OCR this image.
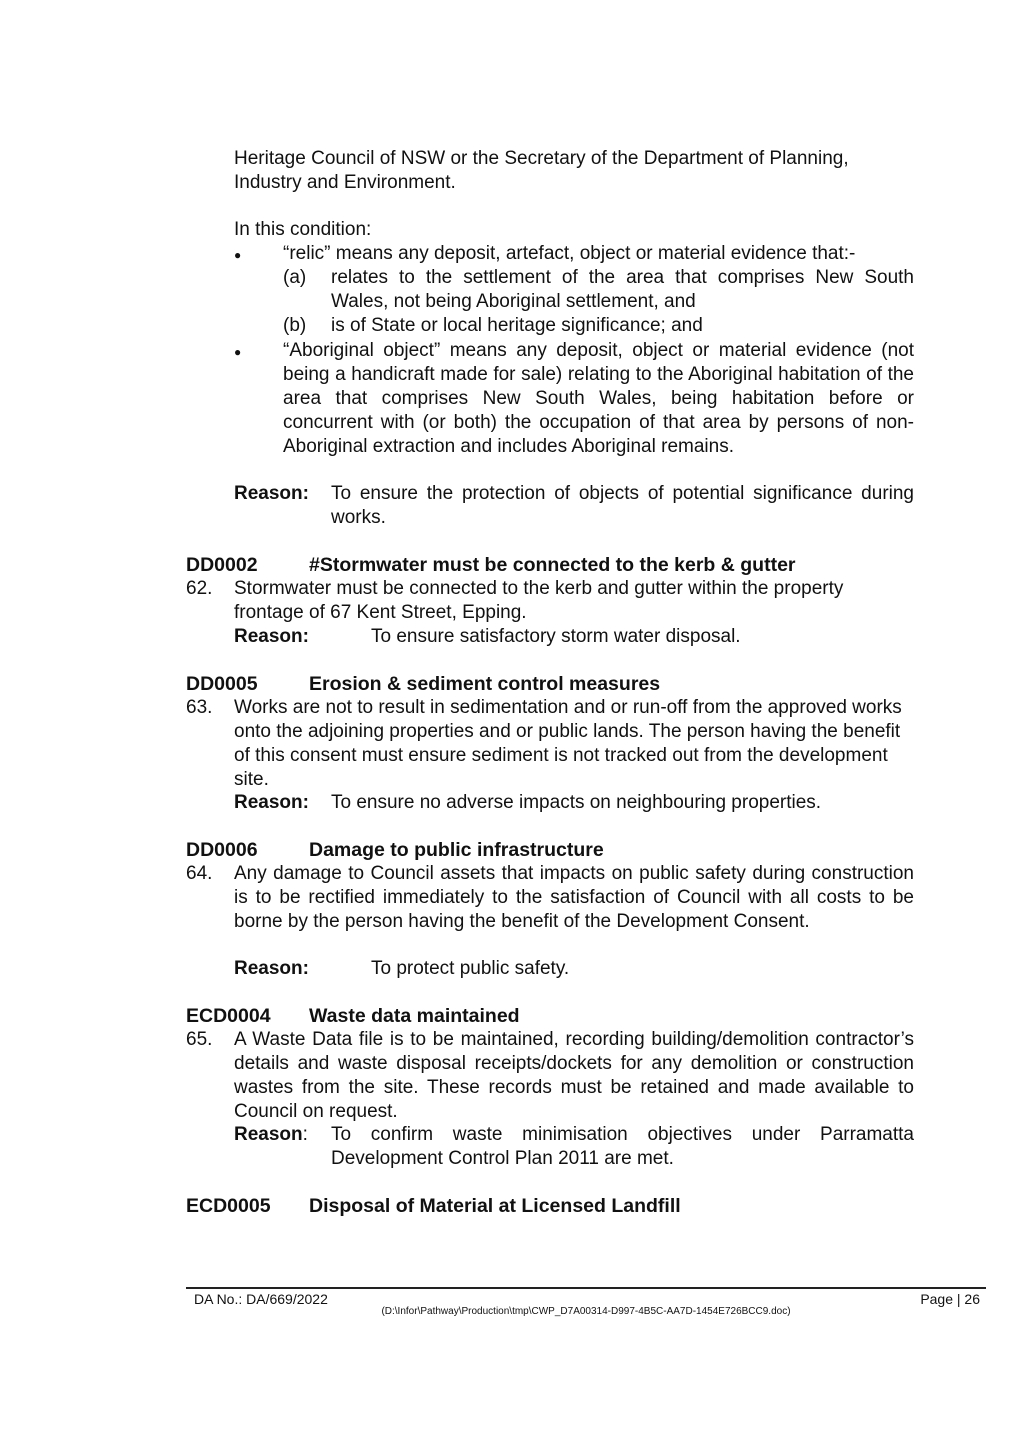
Heritage Council of NSW or the Secretary of the Department of Planning, Industry and Environment.
In this condition:
● “relic” means any deposit, artefact, object or material evidence that:-
(a) relates to the settlement of the area that comprises New South Wales, not being Aboriginal settlement, and
(b) is of State or local heritage significance; and
● “Aboriginal object” means any deposit, object or material evidence (not being a handicraft made for sale) relating to the Aboriginal habitation of the area that comprises New South Wales, being habitation before or concurrent with (or both) the occupation of that area by persons of non-Aboriginal extraction and includes Aboriginal remains.
Reason: To ensure the protection of objects of potential significance during works.
DD0002	#Stormwater must be connected to the kerb & gutter
62. Stormwater must be connected to the kerb and gutter within the property frontage of 67 Kent Street, Epping.
Reason:	To ensure satisfactory storm water disposal.
DD0005	Erosion & sediment control measures
63. Works are not to result in sedimentation and or run-off from the approved works onto the adjoining properties and or public lands. The person having the benefit of this consent must ensure sediment is not tracked out from the development site.
Reason: To ensure no adverse impacts on neighbouring properties.
DD0006	Damage to public infrastructure
64. Any damage to Council assets that impacts on public safety during construction is to be rectified immediately to the satisfaction of Council with all costs to be borne by the person having the benefit of the Development Consent.
Reason:	To protect public safety.
ECD0004 Waste data maintained
65. A Waste Data file is to be maintained, recording building/demolition contractor’s details and waste disposal receipts/dockets for any demolition or construction wastes from the site. These records must be retained and made available to Council on request.
Reason: To confirm waste minimisation objectives under Parramatta Development Control Plan 2011 are met.
ECD0005 Disposal of Material at Licensed Landfill
DA No.: DA/669/2022	Page | 26
(D:\Infor\Pathway\Production\tmp\CWP_D7A00314-D997-4B5C-AA7D-1454E726BCC9.doc)
